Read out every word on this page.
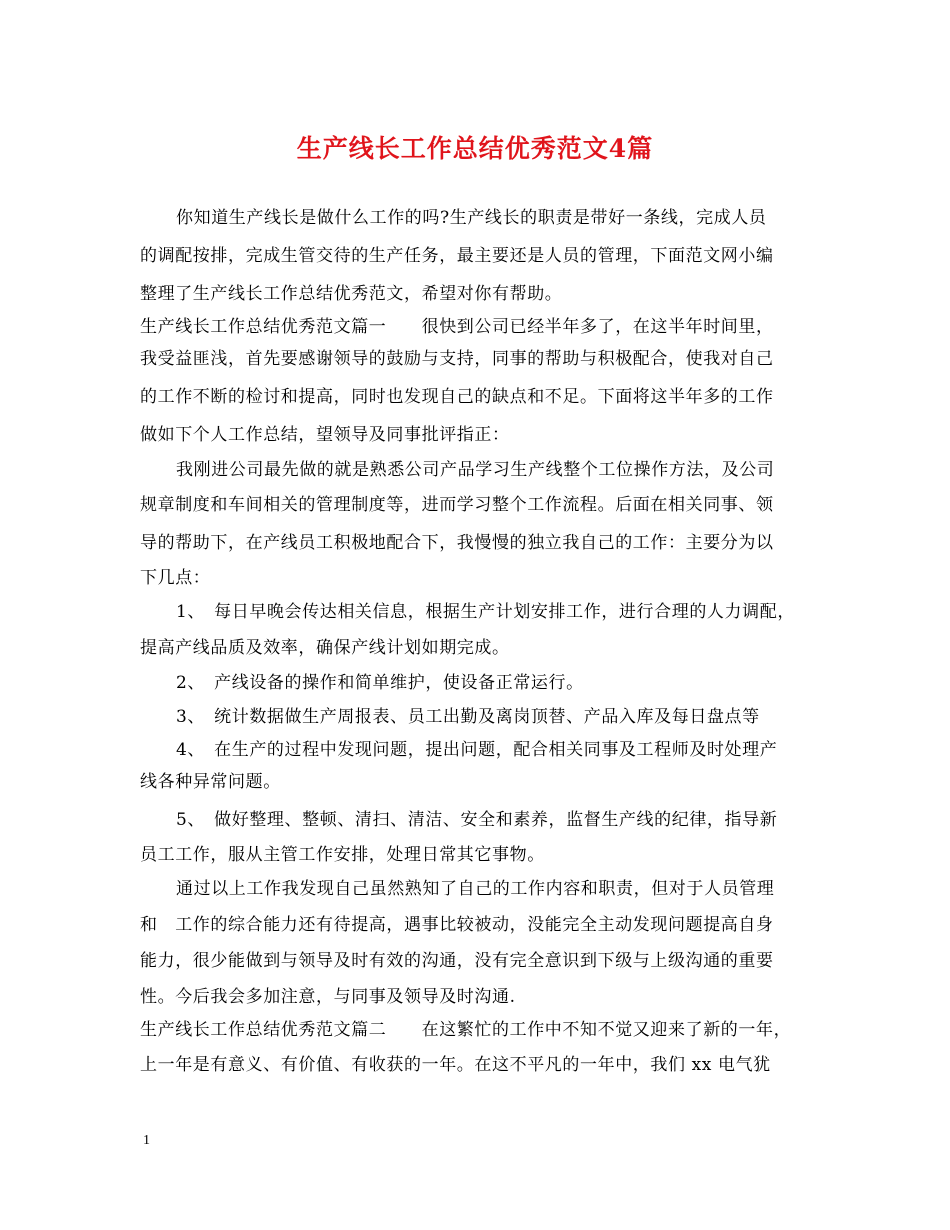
生产线长工作总结优秀范文4篇
你知道生产线长是做什么工作的吗?生产线长的职责是带好一条线，完成人员
的调配按排，完成生管交待的生产任务，最主要还是人员的管理，下面范文网小编
整理了生产线长工作总结优秀范文，希望对你有帮助。
生产线长工作总结优秀范文篇一　　很快到公司已经半年多了，在这半年时间里，
我受益匪浅，首先要感谢领导的鼓励与支持，同事的帮助与积极配合，使我对自己
的工作不断的检讨和提高，同时也发现自己的缺点和不足。下面将这半年多的工作
做如下个人工作总结，望领导及同事批评指正：
我刚进公司最先做的就是熟悉公司产品学习生产线整个工位操作方法，及公司
规章制度和车间相关的管理制度等，进而学习整个工作流程。后面在相关同事、领
导的帮助下，在产线员工积极地配合下，我慢慢的独立我自己的工作：主要分为以
下几点：
1、　每日早晚会传达相关信息，根据生产计划安排工作，进行合理的人力调配，
提高产线品质及效率，确保产线计划如期完成。
2、　产线设备的操作和简单维护，使设备正常运行。
3、　统计数据做生产周报表、员工出勤及离岗顶替、产品入库及每日盘点等
4、　在生产的过程中发现问题，提出问题，配合相关同事及工程师及时处理产
线各种异常问题。
5、　做好整理、整顿、清扫、清洁、安全和素养，监督生产线的纪律，指导新
员工工作，服从主管工作安排，处理日常其它事物。
通过以上工作我发现自己虽然熟知了自己的工作内容和职责，但对于人员管理
和　工作的综合能力还有待提高，遇事比较被动，没能完全主动发现问题提高自身
能力，很少能做到与领导及时有效的沟通，没有完全意识到下级与上级沟通的重要
性。今后我会多加注意，与同事及领导及时沟通.
生产线长工作总结优秀范文篇二　　在这繁忙的工作中不知不觉又迎来了新的一年，
上一年是有意义、有价值、有收获的一年。在这不平凡的一年中，我们 xx 电气犹
1
